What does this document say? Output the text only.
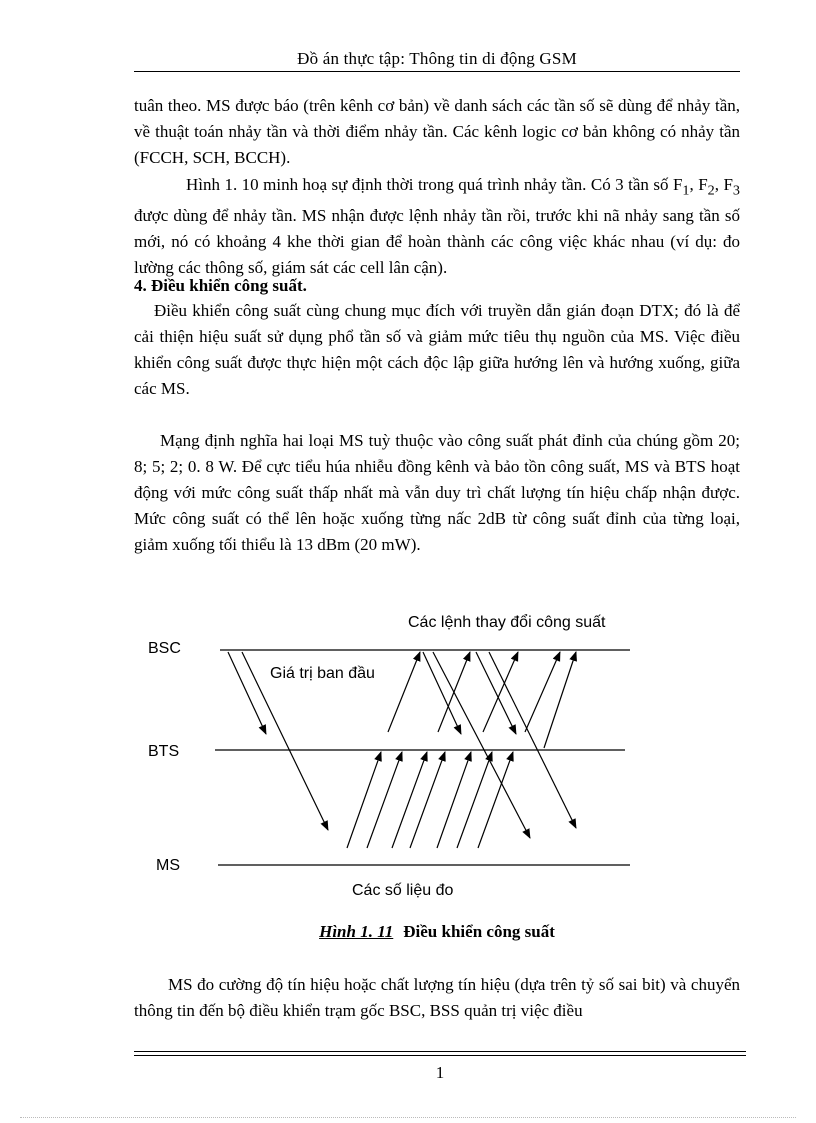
Đồ án thực tập: Thông tin di động GSM

tuân theo. MS được báo (trên kênh cơ bản) về danh sách các tần số sẽ dùng để nhảy tần, về thuật toán nhảy tần và thời điểm nhảy tần. Các kênh logic cơ bản không có nhảy tần (FCCH, SCH, BCCH).

Hình 1. 10 minh hoạ sự định thời trong quá trình nhảy tần. Có 3 tần số $F_1$, $F_2$, $F_3$ được dùng để nhảy tần. MS nhận được lệnh nhảy tần rồi, trước khi nã nhảy sang tần số mới, nó có khoảng 4 khe thời gian để hoàn thành các công việc khác nhau (ví dụ: đo lường các thông số, giám sát các cell lân cận).

4. Điều khiển công suất.

Điều khiển công suất cùng chung mục đích với truyền dẫn gián đoạn DTX; đó là để cải thiện hiệu suất sử dụng phổ tần số và giảm mức tiêu thụ nguồn của MS. Việc điều khiển công suất được thực hiện một cách độc lập giữa hướng lên và hướng xuống, giữa các MS.

Mạng định nghĩa hai loại MS tuỳ thuộc vào công suất phát đỉnh của chúng gồm 20; 8; 5; 2; 0. 8 W. Để cực tiểu húa nhiễu đồng kênh và bảo tồn công suất, MS và BTS hoạt động với mức công suất thấp nhất mà vẫn duy trì chất lượng tín hiệu chấp nhận được. Mức công suất có thể lên hoặc xuống từng nấc 2dB từ công suất đỉnh của từng loại, giảm xuống tối thiểu là 13 dBm (20 mW).

BSC
BTS
MS
Các lệnh thay đổi công suất
Giá trị ban đầu
Các số liệu đo

Hình 1. 11 Điều khiển công suất

MS đo cường độ tín hiệu hoặc chất lượng tín hiệu (dựa trên tỷ số sai bit) và chuyển thông tin đến bộ điều khiển trạm gốc BSC, BSS quản trị việc điều

1
